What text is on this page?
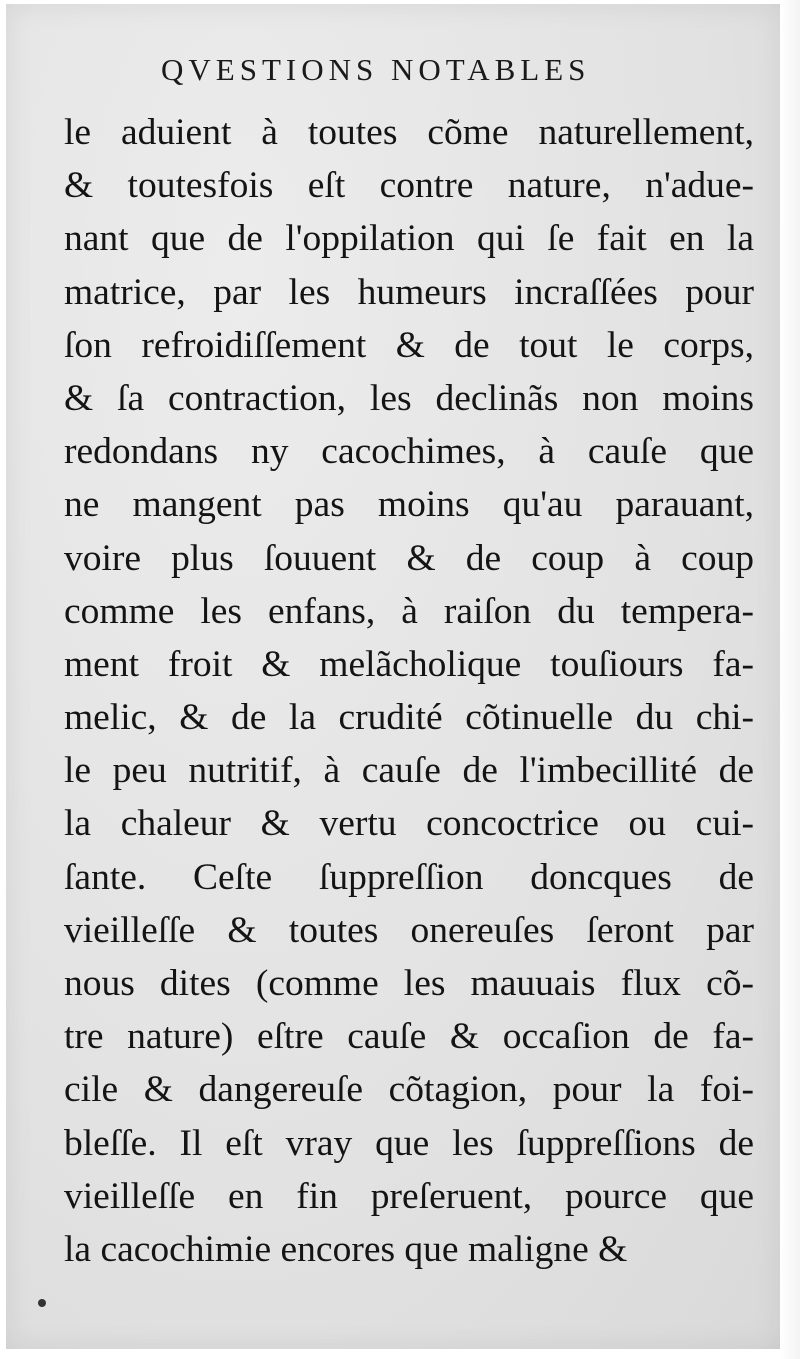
QVESTIONS NOTABLES
le aduient à toutes cõme naturellement,
& toutesfois eſt contre nature, n'adue-
nant que de l'oppilation qui ſe fait en la
matrice, par les humeurs incraſſées pour
ſon refroidiſſement & de tout le corps,
& ſa contraction, les declinãs non moins
redondans ny cacochimes, à cauſe que
ne mangent pas moins qu'au parauant,
voire plus ſouuent & de coup à coup
comme les enfans, à raiſon du tempera-
ment froit & melãcholique touſiours fa-
melic, & de la crudité cõtinuelle du chi-
le peu nutritif, à cauſe de l'imbecillité de
la chaleur & vertu concoctrice ou cui-
ſante. Ceſte ſuppreſſion doncques de
vieilleſſe & toutes onereuſes ſeront par
nous dites (comme les mauuais flux cõ-
tre nature) eſtre cauſe & occaſion de fa-
cile & dangereuſe cõtagion, pour la foi-
bleſſe. Il eſt vray que les ſuppreſſions de
vieilleſſe en fin preſeruent, pource que
la cacochimie encores que maligne &
